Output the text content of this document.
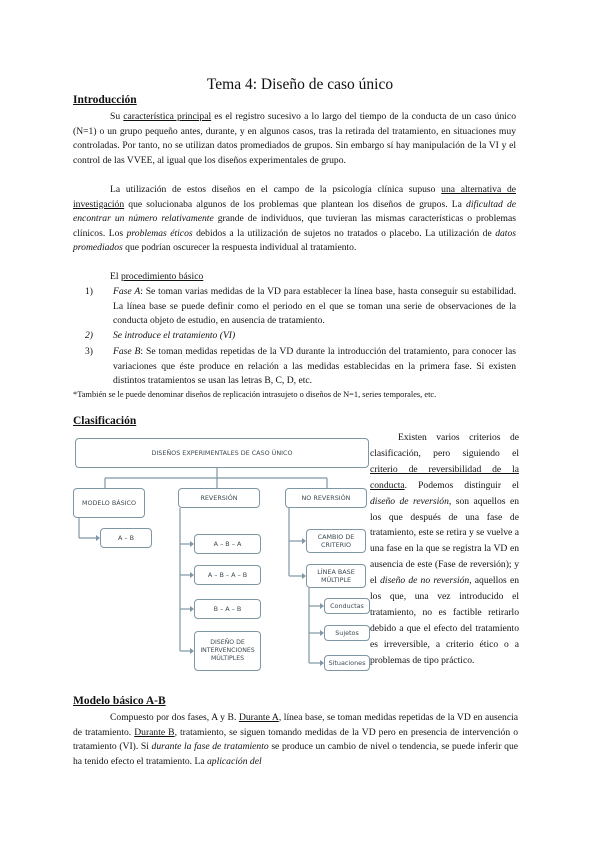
Tema 4: Diseño de caso único
Introducción
Su característica principal es el registro sucesivo a lo largo del tiempo de la conducta de un caso único (N=1) o un grupo pequeño antes, durante, y en algunos casos, tras la retirada del tratamiento, en situaciones muy controladas. Por tanto, no se utilizan datos promediados de grupos. Sin embargo sí hay manipulación de la VI y el control de las VVEE, al igual que los diseños experimentales de grupo.
La utilización de estos diseños en el campo de la psicología clínica supuso una alternativa de investigación que solucionaba algunos de los problemas que plantean los diseños de grupos. La dificultad de encontrar un número relativamente grande de individuos, que tuvieran las mismas características o problemas clínicos. Los problemas éticos debidos a la utilización de sujetos no tratados o placebo. La utilización de datos promediados que podrían oscurecer la respuesta individual al tratamiento.
El procedimiento básico
1) Fase A: Se toman varias medidas de la VD para establecer la línea base, hasta conseguir su estabilidad. La línea base se puede definir como el periodo en el que se toman una serie de observaciones de la conducta objeto de estudio, en ausencia de tratamiento.
2) Se introduce el tratamiento (VI)
3) Fase B: Se toman medidas repetidas de la VD durante la introducción del tratamiento, para conocer las variaciones que éste produce en relación a las medidas establecidas en la primera fase. Si existen distintos tratamientos se usan las letras B, C, D, etc.
*También se le puede denominar diseños de replicación intrasujeto o diseños de N=1, series temporales, etc.
Clasificación
DISEÑOS EXPERIMENTALES DE CASO ÚNICO
MODELO BÁSICO
REVERSIÓN	NO REVERSIÓN
A – B
A – B – A
A – B – A – B
B – A – B
DISEÑO DE INTERVENCIONES MÚLTIPLES
CAMBIO DE CRITERIO
LÍNEA BASE MÚLTIPLE
Conductas
Sujetos
Situaciones
Existen varios criterios de clasificación, pero siguiendo el criterio de reversibilidad de la conducta. Podemos distinguir el diseño de reversión, son aquellos en los que después de una fase de tratamiento, este se retira y se vuelve a una fase en la que se registra la VD en ausencia de este (Fase de reversión); y el diseño de no reversión, aquellos en los que, una vez introducido el tratamiento, no es factible retirarlo debido a que el efecto del tratamiento es irreversible, a criterio ético o a problemas de tipo práctico.
Modelo básico A-B
Compuesto por dos fases, A y B. Durante A, línea base, se toman medidas repetidas de la VD en ausencia de tratamiento. Durante B, tratamiento, se siguen tomando medidas de la VD pero en presencia de intervención o tratamiento (VI). Si durante la fase de tratamiento se produce un cambio de nivel o tendencia, se puede inferir que ha tenido efecto el tratamiento. La aplicación del
